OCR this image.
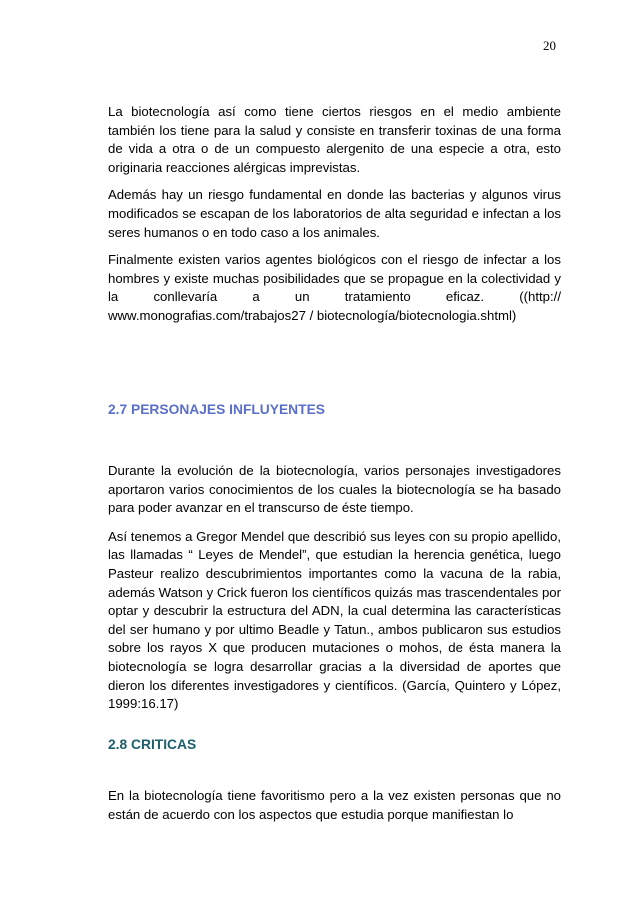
20

La biotecnología así como tiene ciertos riesgos en el medio ambiente también los tiene para la salud y consiste en transferir toxinas de una forma de vida a otra o de un compuesto alergenito de una especie a otra, esto originaria reacciones alérgicas imprevistas.

Además hay un riesgo fundamental en donde las bacterias y algunos virus modificados se escapan de los laboratorios de alta seguridad e infectan a los seres humanos o en todo caso a los animales.

Finalmente existen varios agentes biológicos con el riesgo de infectar a los hombres y existe muchas posibilidades que se propague en la colectividad y la conllevaría a un tratamiento eficaz. ((http:// www.monografias.com/trabajos27 / biotecnología/biotecnologia.shtml)

2.7 PERSONAJES INFLUYENTES

Durante la evolución de la biotecnología, varios personajes investigadores aportaron varios conocimientos de los cuales la biotecnología se ha basado para poder avanzar en el transcurso de éste tiempo.

Así tenemos a Gregor Mendel que describió sus leyes con su propio apellido, las llamadas “ Leyes de Mendel”, que estudian la herencia genética, luego Pasteur realizo descubrimientos importantes como la vacuna de la rabia, además Watson y Crick fueron los científicos quizás mas trascendentales por optar y descubrir la estructura del ADN, la cual determina las características del ser humano y por ultimo Beadle y Tatun., ambos publicaron sus estudios sobre los rayos X que producen mutaciones o mohos, de ésta manera la biotecnología se logra desarrollar gracias a la diversidad de aportes que dieron los diferentes investigadores y científicos. (García, Quintero y López, 1999:16.17)

2.8 CRITICAS

En la biotecnología tiene favoritismo pero a la vez existen personas que no están de acuerdo con los aspectos que estudia porque manifiestan lo
